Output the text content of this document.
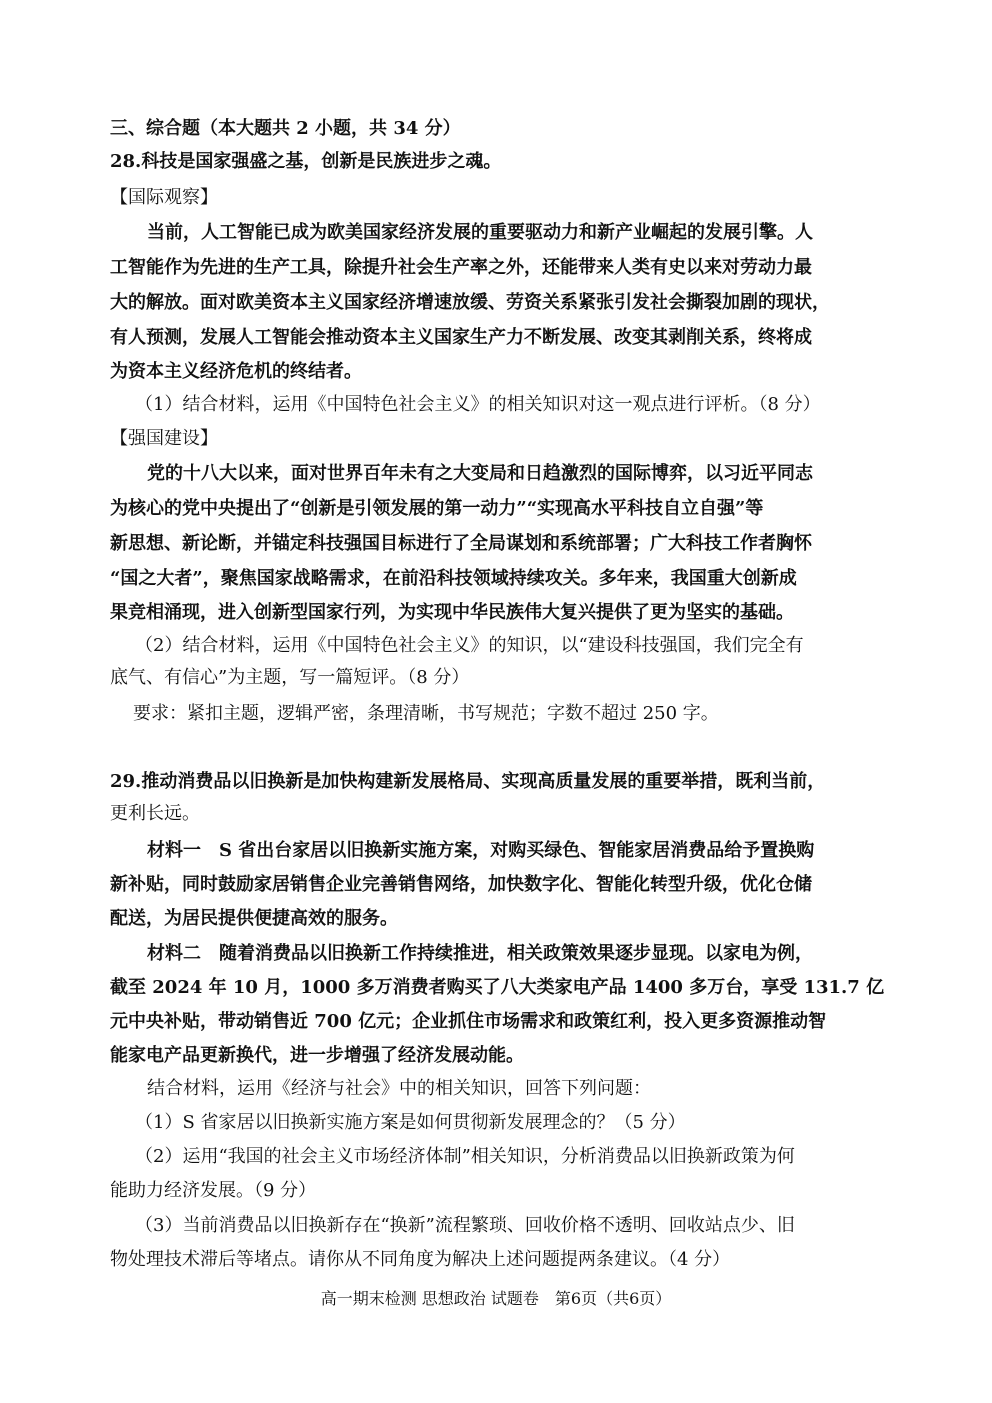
三、综合题（本大题共 2 小题，共 34 分）
28.科技是国家强盛之基，创新是民族进步之魂。
【国际观察】
当前，人工智能已成为欧美国家经济发展的重要驱动力和新产业崛起的发展引擎。人
工智能作为先进的生产工具，除提升社会生产率之外，还能带来人类有史以来对劳动力最
大的解放。面对欧美资本主义国家经济增速放缓、劳资关系紧张引发社会撕裂加剧的现状，
有人预测，发展人工智能会推动资本主义国家生产力不断发展、改变其剥削关系，终将成
为资本主义经济危机的终结者。
（1）结合材料，运用《中国特色社会主义》的相关知识对这一观点进行评析。（8 分）
【强国建设】
党的十八大以来，面对世界百年未有之大变局和日趋激烈的国际博弈，以习近平同志
为核心的党中央提出了“创新是引领发展的第一动力”“实现高水平科技自立自强”等
新思想、新论断，并锚定科技强国目标进行了全局谋划和系统部署；广大科技工作者胸怀
“国之大者”，聚焦国家战略需求，在前沿科技领域持续攻关。多年来，我国重大创新成
果竞相涌现，进入创新型国家行列，为实现中华民族伟大复兴提供了更为坚实的基础。
（2）结合材料，运用《中国特色社会主义》的知识，以“建设科技强国，我们完全有
底气、有信心”为主题，写一篇短评。（8 分）
要求：紧扣主题，逻辑严密，条理清晰，书写规范；字数不超过 250 字。
29.推动消费品以旧换新是加快构建新发展格局、实现高质量发展的重要举措，既利当前，
更利长远。
材料一　S 省出台家居以旧换新实施方案，对购买绿色、智能家居消费品给予置换购
新补贴，同时鼓励家居销售企业完善销售网络，加快数字化、智能化转型升级，优化仓储
配送，为居民提供便捷高效的服务。
材料二　随着消费品以旧换新工作持续推进，相关政策效果逐步显现。以家电为例，
截至 2024 年 10 月，1000 多万消费者购买了八大类家电产品 1400 多万台，享受 131.7 亿
元中央补贴，带动销售近 700 亿元；企业抓住市场需求和政策红利，投入更多资源推动智
能家电产品更新换代，进一步增强了经济发展动能。
结合材料，运用《经济与社会》中的相关知识，回答下列问题：
（1）S 省家居以旧换新实施方案是如何贯彻新发展理念的？（5 分）
（2）运用“我国的社会主义市场经济体制”相关知识，分析消费品以旧换新政策为何
能助力经济发展。（9 分）
（3）当前消费品以旧换新存在“换新”流程繁琐、回收价格不透明、回收站点少、旧
物处理技术滞后等堵点。请你从不同角度为解决上述问题提两条建议。（4 分）
高一期末检测 思想政治 试题卷　第6页（共6页）
